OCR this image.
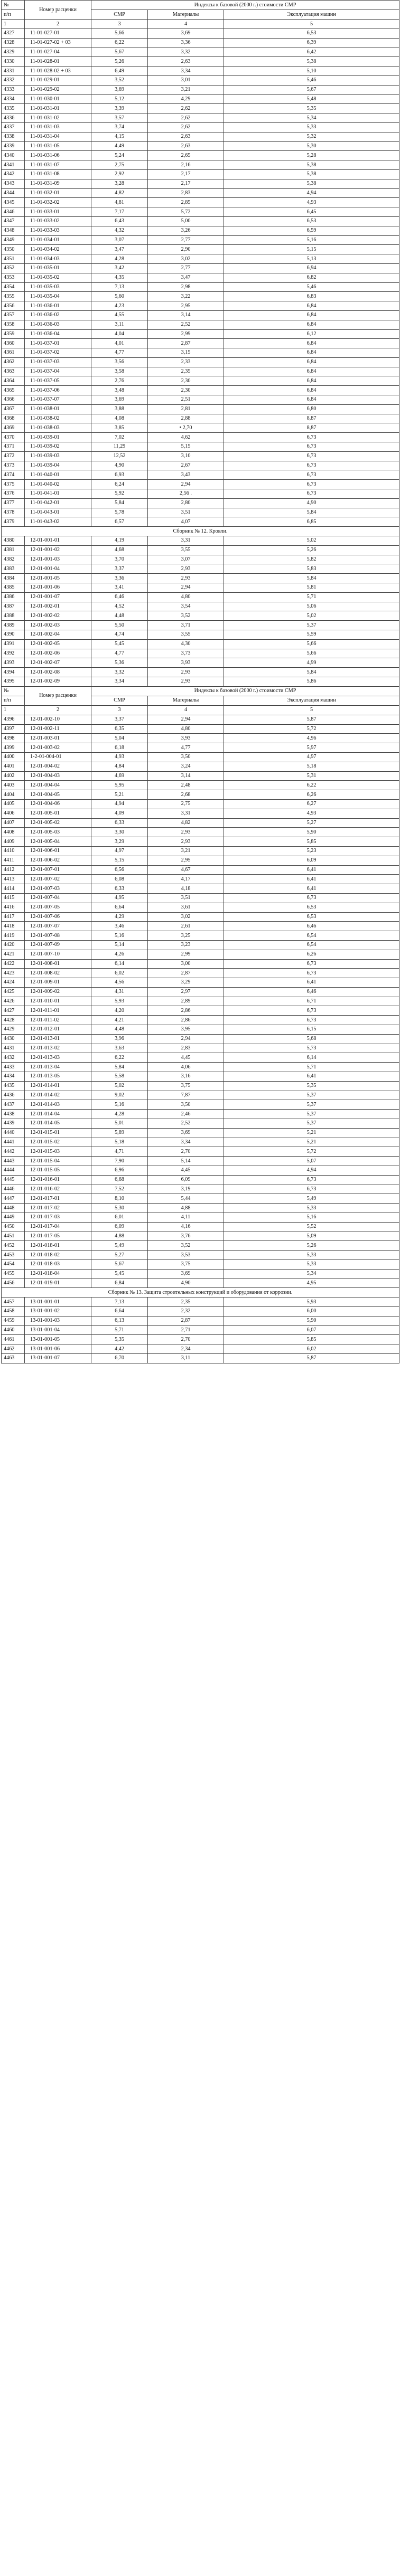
№	Номер расценки	Индексы к базовой (2000 г.) стоимости СМР		
п/п		СМР	Материалы	Эксплуатация машин
1	2	3	4	5
4327	11-01-027-01	5,66	3,69	6,53
4328	11-01-027-02 + 03	6,22	3,36	6,39
4329	11-01-027-04	5,67	3,32	6,42
4330	11-01-028-01	5,26	2,63	5,38
4331	11-01-028-02 + 03	6,49	3,34	5,10
4332	11-01-029-01	3,52	3,01	5,46
4333	11-01-029-02	3,69	3,21	5,67
4334	11-01-030-01	5,12	4,29	5,48
4335	11-01-031-01	3,39	2,62	5,35
4336	11-01-031-02	3,57	2,62	5,34
4337	11-01-031-03	3,74	2,62	5,33
4338	11-01-031-04	4,15	2,63	5,32
4339	11-01-031-05	4,49	2,63	5,30
4340	11-01-031-06	5,24	2,65	5,28
4341	11-01-031-07	2,75	2,16	5,38
4342	11-01-031-08	2,92	2,17	5,38
4343	11-01-031-09	3,28	2,17	5,38
4344	11-01-032-01	4,82	2,83	4,94
4345	11-01-032-02	4,81	2,85	4,93
4346	11-01-033-01	7,17	5,72	6,45
4347	11-01-033-02	6,43	5,00	6,53
4348	11-01-033-03	4,32	3,26	6,59
4349	11-01-034-01	3,07	2,77	5,16
4350	11-01-034-02	3,47	2,90	5,15
4351	11-01-034-03	4,28	3,02	5,13
4352	11-01-035-01	3,42	2,77	6,94
4353	11-01-035-02	4,35	3,47	6,82
4354	11-01-035-03	7,13	2,98	5,46
4355	11-01-035-04	5,60	3,22	6,83
4356	11-01-036-01	4,23	2,95	6,84
4357	11-01-036-02	4,55	3,14	6,84
4358	11-01-036-03	3,11	2,52	6,84
4359	11-01-036-04	4,04	2,99	6,12
4360	11-01-037-01	4,01	2,87	6,84
4361	11-01-037-02	4,77	3,15	6,84
4362	11-01-037-03	3,56	2,33	6,84
4363	11-01-037-04	3,58	2,35	6,84
4364	11-01-037-05	2,76	2,30	6,84
4365	11-01-037-06	3,48	2,30	6,84
4366	11-01-037-07	3,69	2,51	6,84
4367	11-01-038-01	3,88	2,81	6,80
4368	11-01-038-02	4,08	2,88	8,87
4369	11-01-038-03	3,85	• 2,70	8,87
4370	11-01-039-01	7,02	4,62	6,73
4371	11-01-039-02	11,29	5,15	6,73
4372	11-01-039-03	12,52	3,10	6,73
4373	11-01-039-04	4,90	2,67	6,73
4374	11-01-040-01	6,93	3,43	6,73
4375	11-01-040-02	6,24	2,94	6,73
4376	11-01-041-01	5,92	2,56 .	6,73
4377	11-01-042-01	5,84	2,80	4,90
4378	11-01-043-01	5,78	3,51	5,84
4379	11-01-043-02	6,57	4,07	6,85
Сборник № 12. Кровли.				
4380	12-01-001-01	4,19	3,31	5,02
4381	12-01-001-02	4,68	3,55	5,26
4382	12-01-001-03	3,70	3,07	5,82
4383	12-01-001-04	3,37	2,93	5,83
4384	12-01-001-05	3,36	2,93	5,84
4385	12-01-001-06	3,41	2,94	5,81
4386	12-01-001-07	6,46	4,80	5,71
4387	12-01-002-01	4,52	3,54	5,06
4388	12-01-002-02	4,48	3,52	5,02
4389	12-01-002-03	5,50	3,71	5,37
4390	12-01-002-04	4,74	3,55	5,59
4391	12-01-002-05	5,45	4,30	5,66
4392	12-01-002-06	4,77	3,73	5,66
4393	12-01-002-07	5,36	3,93	4,99
4394	12-01-002-08	3,32	2,93	5,84
4395	12-01-002-09	3,34	2,93	5,86
№	Номер расценки	Индексы к базовой (2000 г.) стоимости СМР		
п/п		СМР	Материалы	Эксплуатация машин
1	2	3	4	5
4396	12-01-002-10	3,37	2,94	5,87
4397	12-01-002-11	6,35	4,80	5,72
4398	12-01-003-01	5,04	3,93	4,96
4399	12-01-003-02	6,18	4,77	5,97
4400	1-2-01-004-01	4,93	3,50	4,97
4401	12-01-004-02	4,84	3,24	5,18
4402	12-01-004-03	4,69	3,14	5,31
4403	12-01-004-04	5,95	2,48	6,22
4404	12-01-004-05	5,21	2,68	6,26
4405	12-01-004-06	4,94	2,75	6,27
4406	12-01-005-01	4,09	3,31	4,93
4407	12-01-005-02	6,33	4,82	5,27
4408	12-01-005-03	3,30	2,93	5,90
4409	12-01-005-04	3,29	2,93	5,85
4410	12-01-006-01	4,97	3,21	5,23
4411	12-01-006-02	5,15	2,95	6,09
4412	12-01-007-01	6,56	4,67	6,41
4413	12-01-007-02	6,08	4,17	6,41
4414	12-01-007-03	6,33	4,18	6,41
4415	12-01-007-04	4,95	3,51	6,73
4416	12-01-007-05	6,64	3,61	6,53
4417	12-01-007-06	4,29	3,02	6,53
4418	12-01-007-07	3,46	2,61	6,46
4419	12-01-007-08	5,16	3,25	6,54
4420	12-01-007-09	5,14	3,23	6,54
4421	12-01-007-10	4,26	2,99	6,26
4422	12-01-008-01	6,14	3,00	6,73
4423	12-01-008-02	6,02	2,87	6,73
4424	12-01-009-01	4,56	3,29	6,41
4425	12-01-009-02	4,31	2,97	6,46
4426	12-01-010-01	5,93	2,89	6,71
4427	12-01-011-01	4,20	2,86	6,73
4428	12-01-011-02	4,21	2,86	6,73
4429	12-01-012-01	4,48	3,95	6,15
4430	12-01-013-01	3,96	2,94	5,68
4431	12-01-013-02	3,63	2,83	5,73
4432	12-01-013-03	6,22	4,45	6,14
4433	12-01-013-04	5,84	4,06	5,71
4434	12-01-013-05	5,58	3,16	6,41
4435	12-01-014-01	5,02	3,75	5,35
4436	12-01-014-02	9,02	7,87	5,37
4437	12-01-014-03	5,16	3,50	5,37
4438	12-01-014-04	4,28	2,46	5,37
4439	12-01-014-05	5,01	2,52	5,37
4440	12-01-015-01	5,89	3,69	5,21
4441	12-01-015-02	5,18	3,34	5,21
4442	12-01-015-03	4,71	2,70	5,72
4443	12-01-015-04	7,90	5,14	5,07
4444	12-01-015-05	6,96	4,45	4,94
4445	12-01-016-01	6,68	6,09	6,73
4446	12-01-016-02	7,52	3,19	6,73
4447	12-01-017-01	8,10	5,44	5,49
4448	12-01-017-02	5,30	4,88	5,33
4449	12-01-017-03	6,01	4,11	5,16
4450	12-01-017-04	6,09	4,16	5,52
4451	12-01-017-05	4,88	3,76	5,09
4452	12-01-018-01	5,49	3,52	5,26
4453	12-01-018-02	5,27	3,53	5,33
4454	12-01-018-03	5,67	3,75	5,33
4455	12-01-018-04	5,45	3,69	5,34
4456	12-01-019-01	6,84	4,90	4,95
Сборник № 13. Защита строительных конструкций и оборудования от коррозии.				
4457	13-01-001-01	7,13	2,35	5,93
4458	13-01-001-02	6,64	2,32	6,00
4459	13-01-001-03	6,13	2,87	5,90
4460	13-01-001-04	5,71	2,71	6,07
4461	13-01-001-05	5,35	2,70	5,85
4462	13-01-001-06	4,42	2,34	6,02
4463	13-01-001-07	6,70	3,11	5,87
